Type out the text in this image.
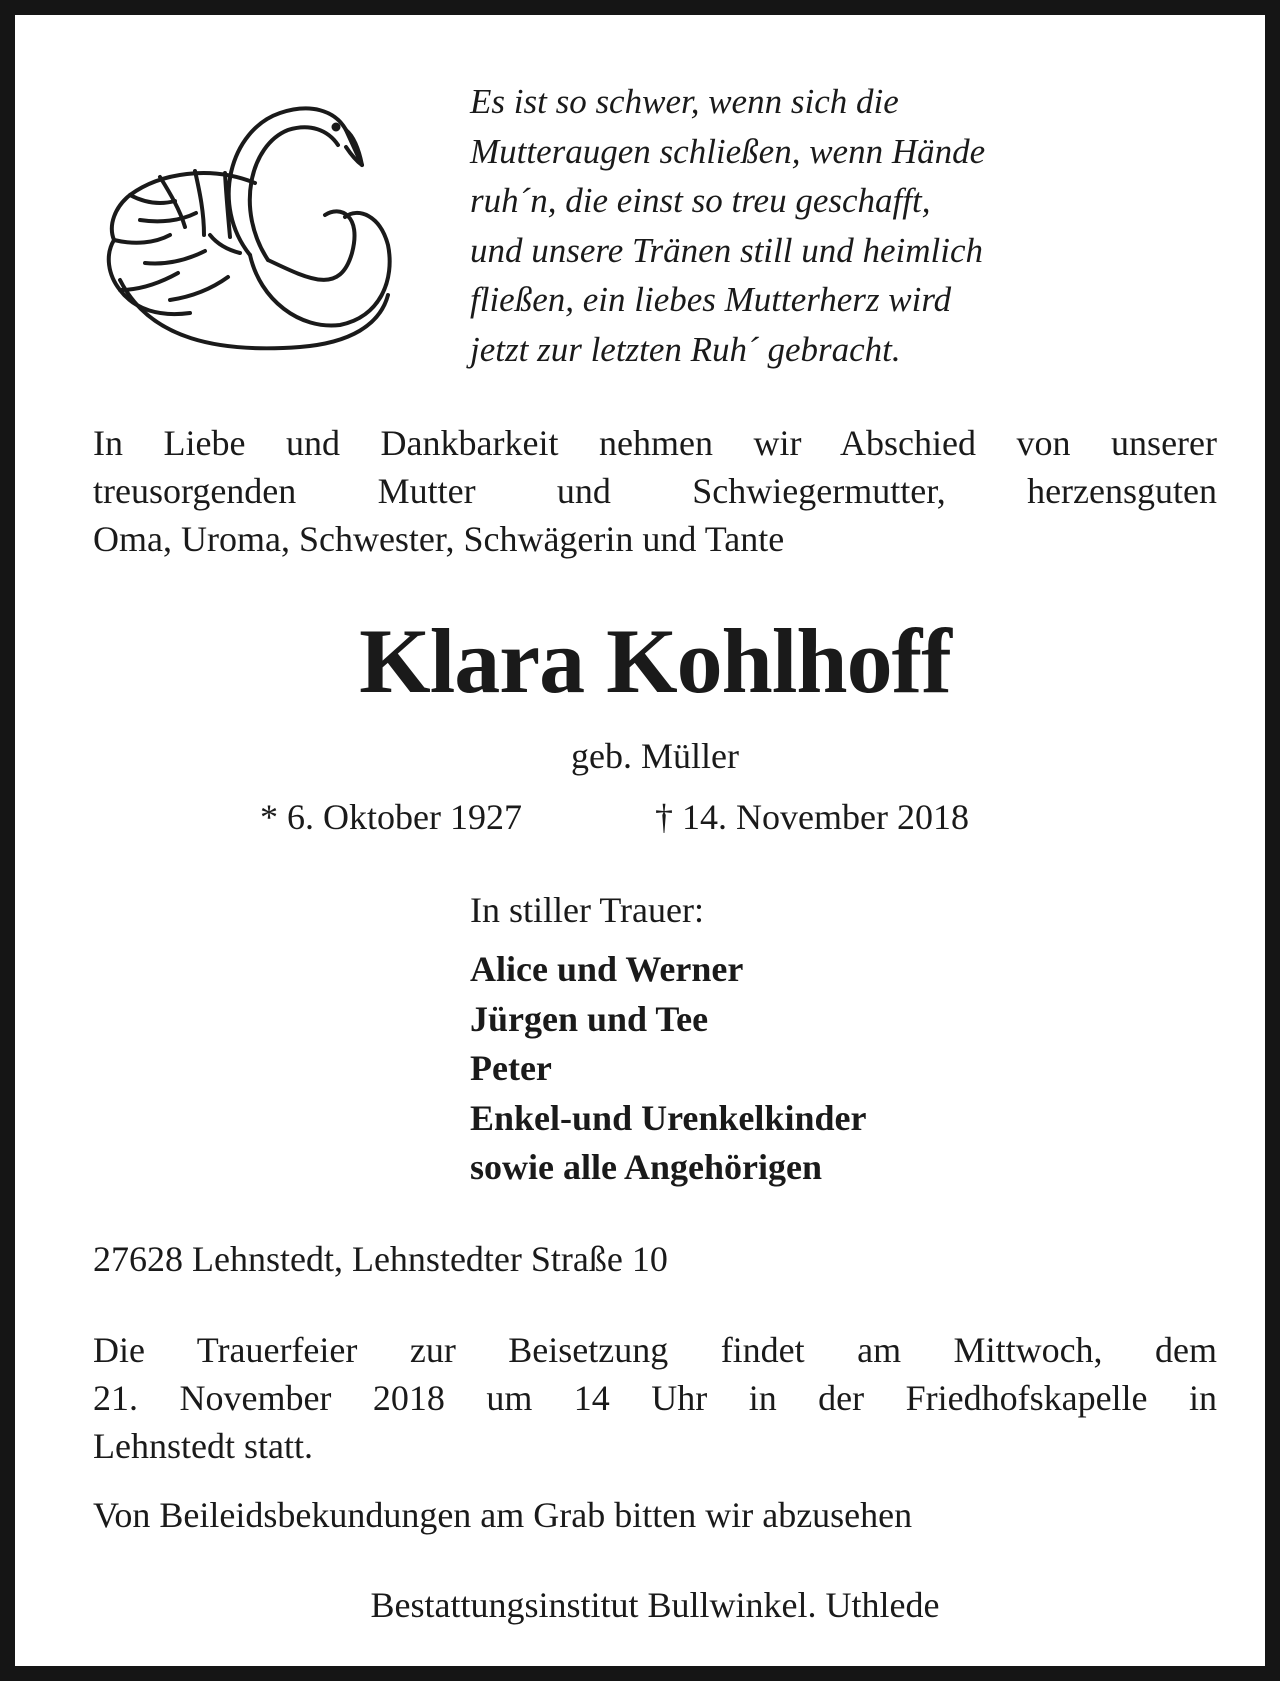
Es ist so schwer, wenn sich die
Mutteraugen schließen, wenn Hände
ruh´n, die einst so treu geschafft,
und unsere Tränen still und heimlich
fließen, ein liebes Mutterherz wird
jetzt zur letzten Ruh´ gebracht.
In Liebe und Dankbarkeit nehmen wir Abschied von unserer
treusorgenden Mutter und Schwiegermutter, herzensguten
Oma, Uroma, Schwester, Schwägerin und Tante
Klara Kohlhoff
geb. Müller
* 6. Oktober 1927	† 14. November 2018
In stiller Trauer:
Alice und Werner
Jürgen und Tee
Peter
Enkel-und Urenkelkinder
sowie alle Angehörigen
27628 Lehnstedt, Lehnstedter Straße 10
Die Trauerfeier zur Beisetzung findet am Mittwoch, dem
21. November 2018 um 14 Uhr in der Friedhofskapelle in
Lehnstedt statt.
Von Beileidsbekundungen am Grab bitten wir abzusehen
Bestattungsinstitut Bullwinkel. Uthlede
